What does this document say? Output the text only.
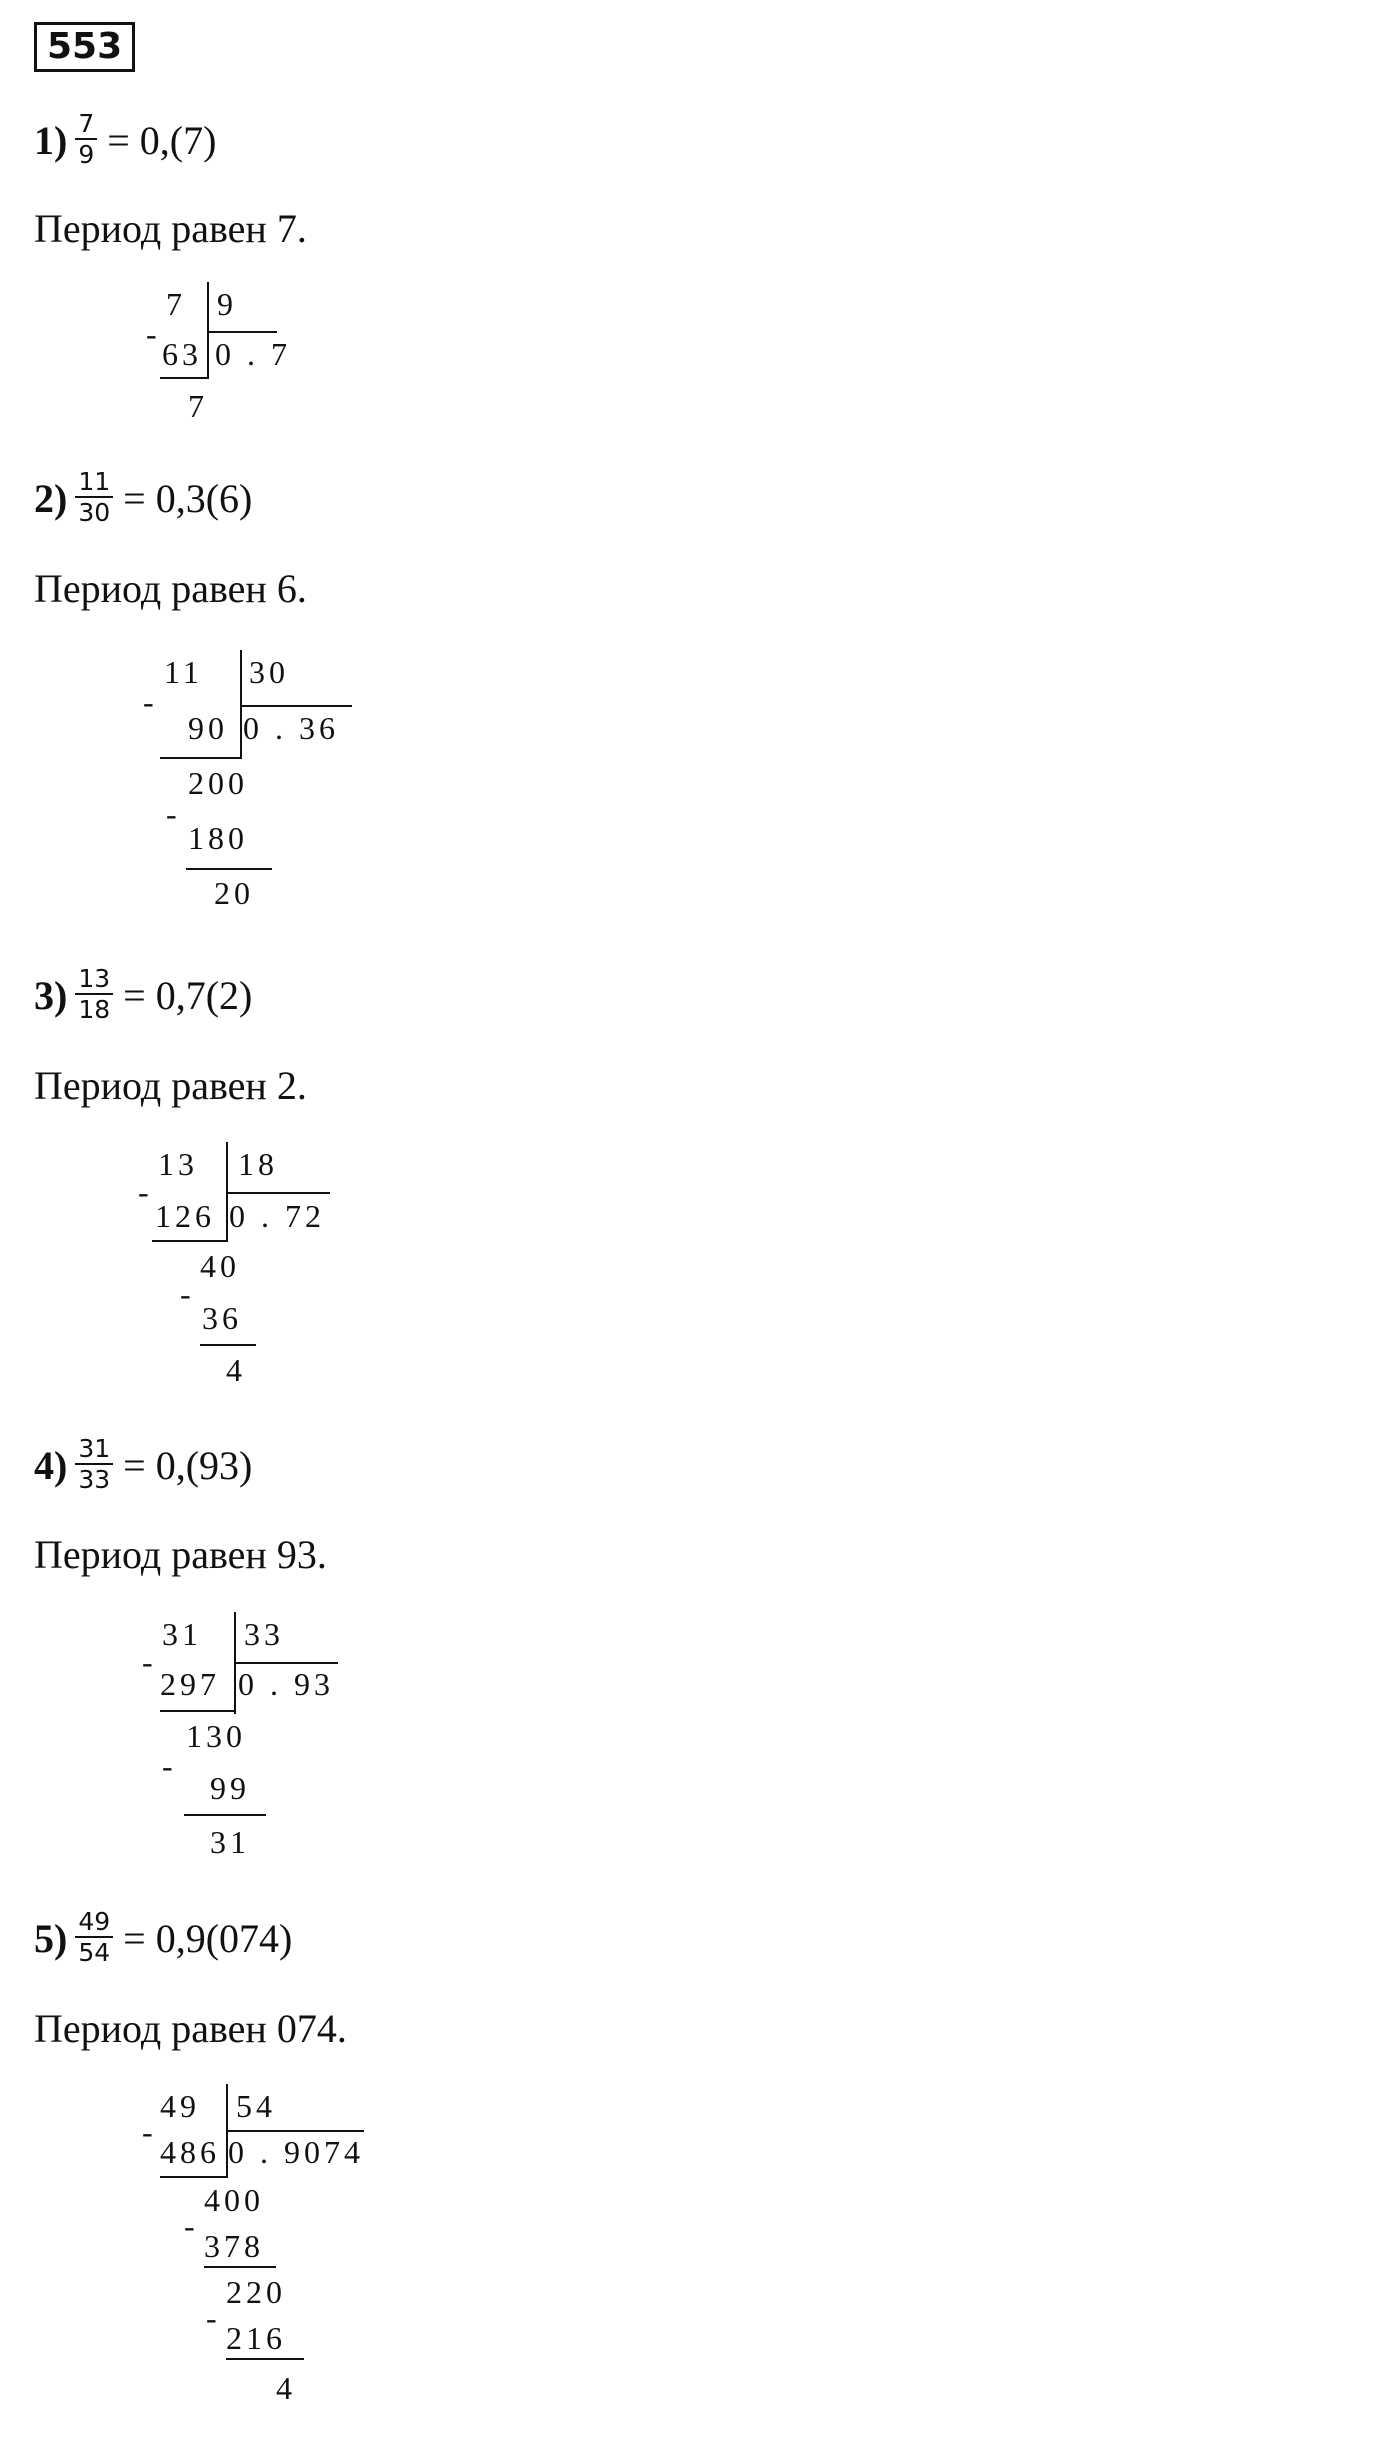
553
$1) \frac{7}{9} = 0,(7)$
Период равен 7.
7 9
-
63 0 . 7
7
$2) \frac{11}{30} = 0,3(6)$
Период равен 6.
11 30
-
90 0 . 36
200
-
180
20
$3) \frac{13}{18} = 0,7(2)$
Период равен 2.
13 18
-
126 0 . 72
40
-
36
4
$4) \frac{31}{33} = 0,(93)$
Период равен 93.
31 33
-
297 0 . 93
130
-
99
31
$5) \frac{49}{54} = 0,9(074)$
Период равен 074.
49 54
-
486 0 . 9074
400
-
378
220
-
216
4
